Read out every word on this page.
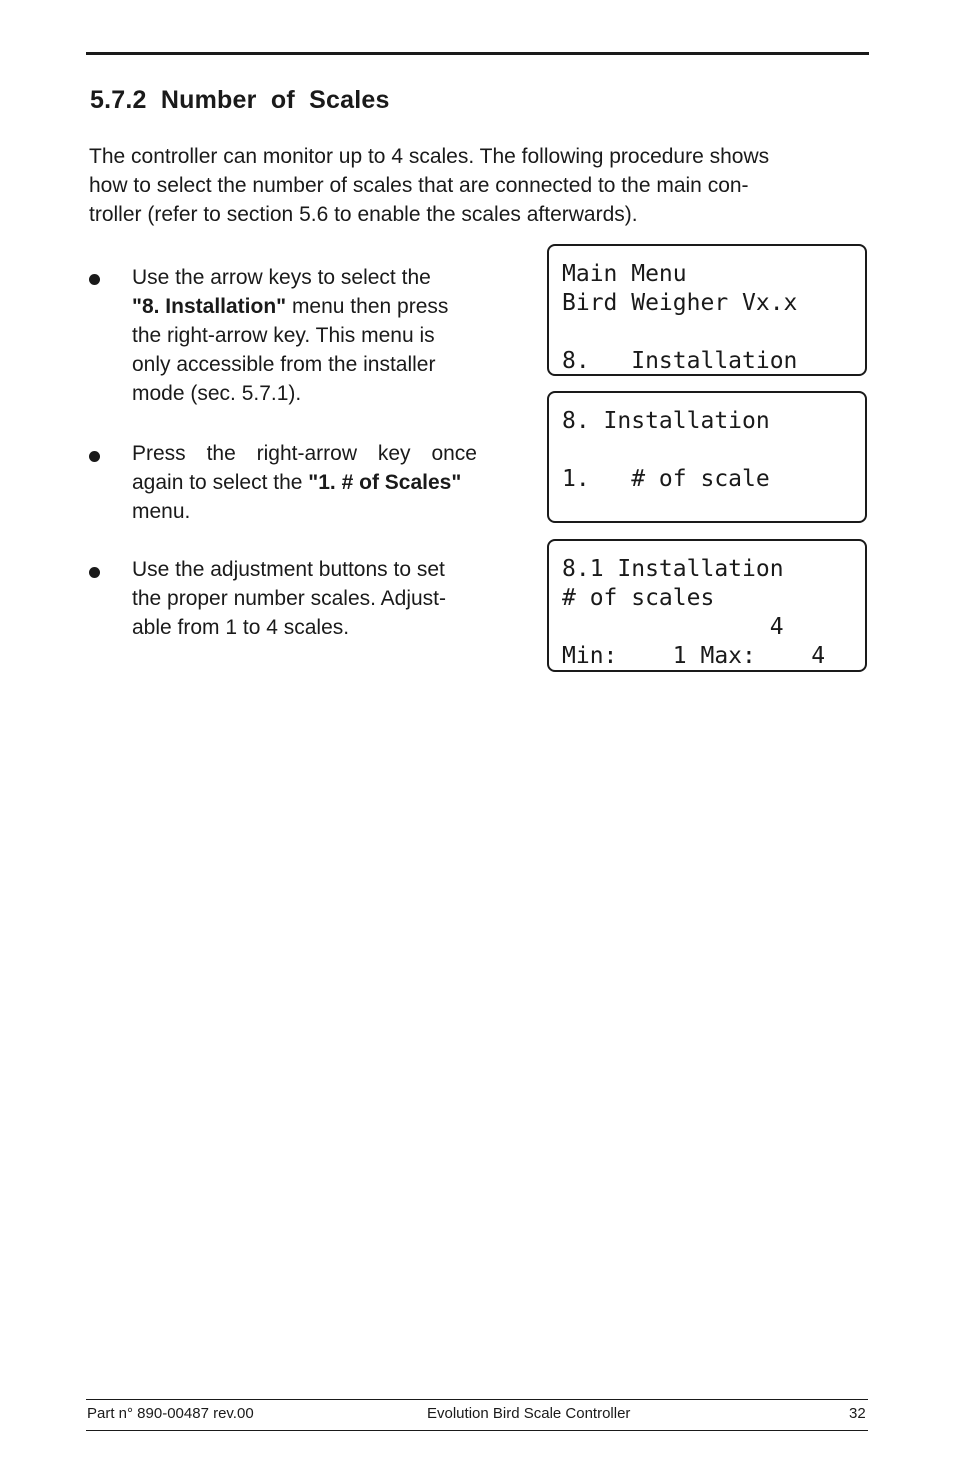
5.7.2  Number  of  Scales

The controller can monitor up to 4 scales. The following procedure shows
how to select the number of scales that are connected to the main con-
troller (refer to section 5.6 to enable the scales afterwards).

Use the arrow keys to select the
"8. Installation" menu then press
the right-arrow key. This menu is
only accessible from the installer
mode (sec. 5.7.1).
Press the right-arrow key once
again to select the "1. # of Scales"
menu.
Use the adjustment buttons to set
the proper number scales. Adjust-
able from 1 to 4 scales.
Main Menu
Bird Weigher Vx.x
8.   Installation
8. Installation
1.   # of scale
8.1 Installation
# of scales
4
Min:    1 Max:    4
Part n° 890-00487 rev.00	Evolution Bird Scale Controller	32
